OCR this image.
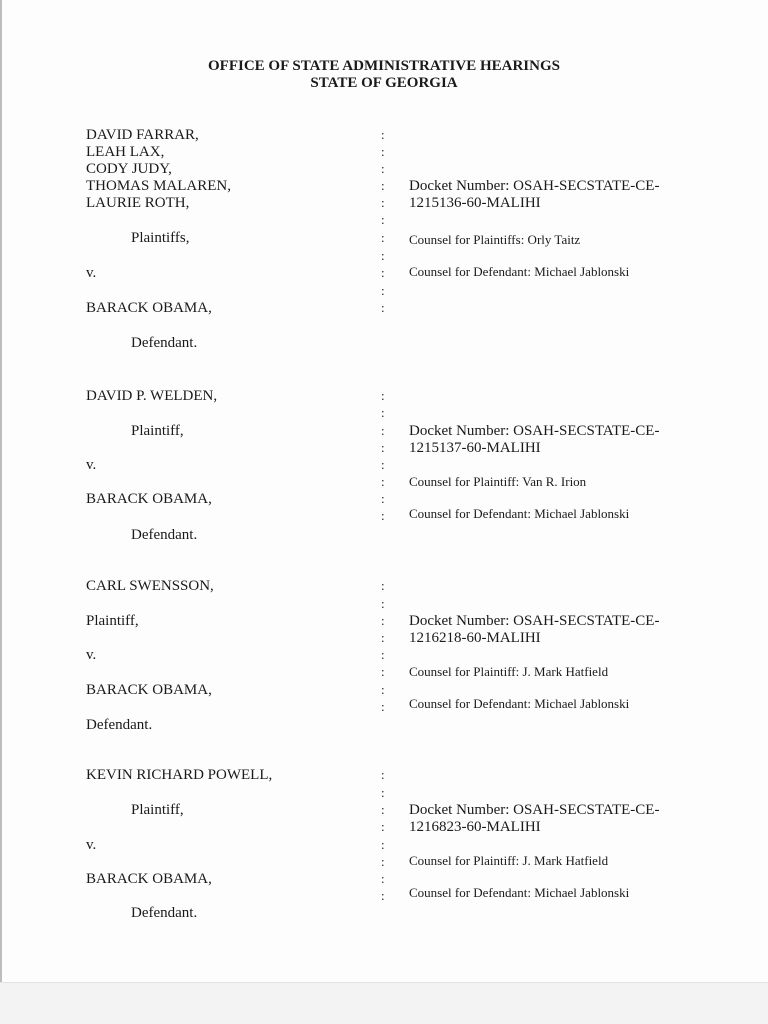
OFFICE OF STATE ADMINISTRATIVE HEARINGS
STATE OF GEORGIA
DAVID FARRAR,
LEAH LAX,
CODY JUDY,
THOMAS MALAREN,
LAURIE ROTH,
Plaintiffs,
v.
BARACK OBAMA,
Defendant.
:
:
:
:
:
:
:
:
:
:
:
Docket Number: OSAH-SECSTATE-CE-
1215136-60-MALIHI
Counsel for Plaintiffs: Orly Taitz
Counsel for Defendant: Michael Jablonski
DAVID P. WELDEN,
Plaintiff,
v.
BARACK OBAMA,
Defendant.
:
:
:
:
:
:
:
:
Docket Number: OSAH-SECSTATE-CE-
1215137-60-MALIHI
Counsel for Plaintiff: Van R. Irion
Counsel for Defendant: Michael Jablonski
CARL SWENSSON,
Plaintiff,
v.
BARACK OBAMA,
Defendant.
:
:
:
:
:
:
:
:
Docket Number: OSAH-SECSTATE-CE-
1216218-60-MALIHI
Counsel for Plaintiff: J. Mark Hatfield
Counsel for Defendant: Michael Jablonski
KEVIN RICHARD POWELL,
Plaintiff,
v.
BARACK OBAMA,
Defendant.
:
:
:
:
:
:
:
:
Docket Number: OSAH-SECSTATE-CE-
1216823-60-MALIHI
Counsel for Plaintiff: J. Mark Hatfield
Counsel for Defendant: Michael Jablonski
